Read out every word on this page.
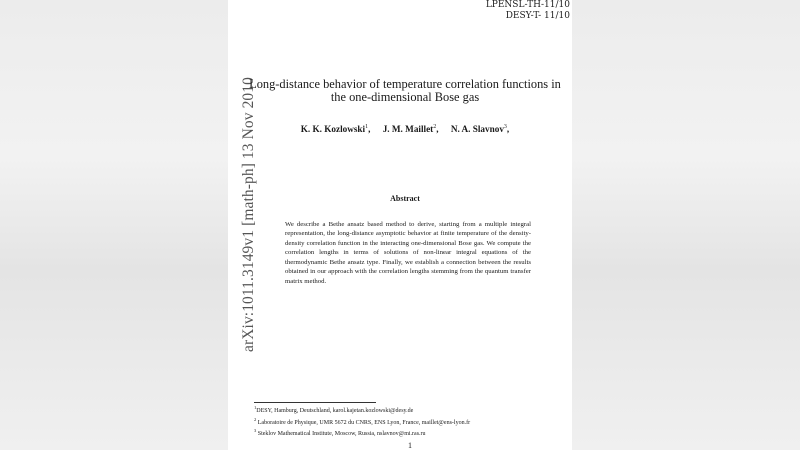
LPENSL-TH-11/10
DESY-T- 11/10
arXiv:1011.3149v1 [math-ph] 13 Nov 2010
Long-distance behavior of temperature correlation functions in
the one-dimensional Bose gas
K. K. Kozlowski$^1$, J. M. Maillet$^2$, N. A. Slavnov$^3$,
Abstract
We describe a Bethe ansatz based method to derive, starting from a multiple integral representation, the long-distance asymptotic behavior at finite temperature of the density-density correlation function in the interacting one-dimensional Bose gas. We compute the correlation lengths in terms of solutions of non-linear integral equations of the thermodynamic Bethe ansatz type. Finally, we establish a connection between the results obtained in our approach with the correlation lengths stemming from the quantum transfer matrix method.
$^1$DESY, Hamburg, Deutschland, karol.kajetan.kozlowski@desy.de
$^2$ Laboratoire de Physique, UMR 5672 du CNRS, ENS Lyon, France, maillet@ens-lyon.fr
$^3$ Steklov Mathematical Institute, Moscow, Russia, nslavnov@mi.ras.ru
1
